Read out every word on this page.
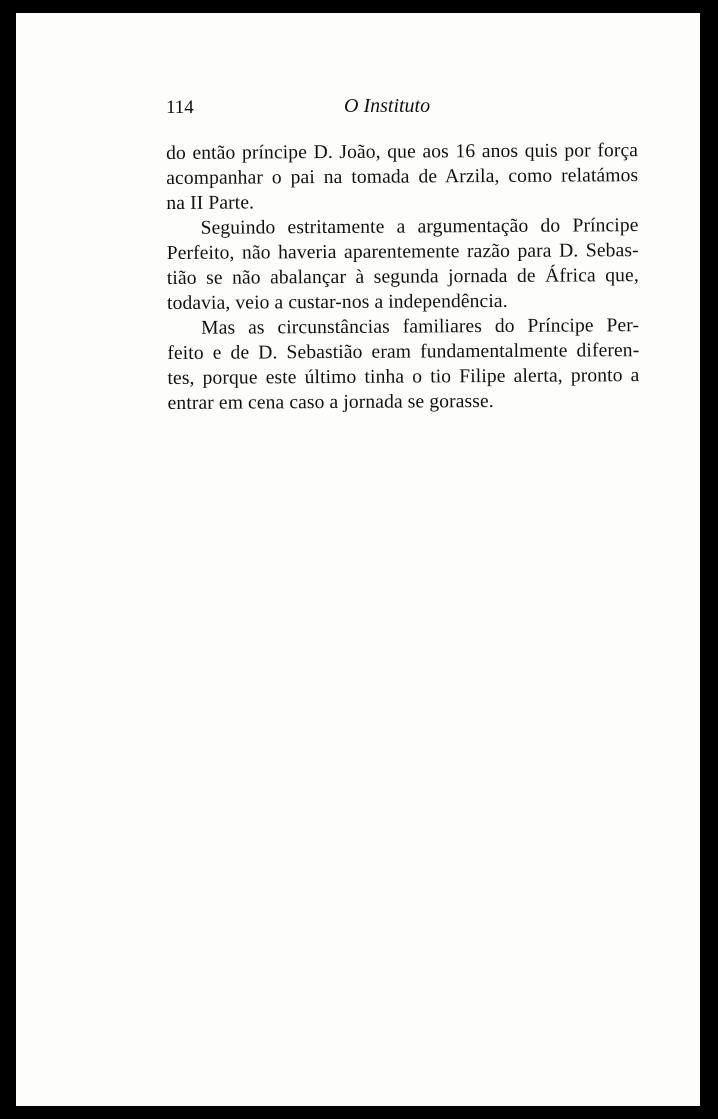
114	O Instituto

do então príncipe D. João, que aos 16 anos quis por força
acompanhar o pai na tomada de Arzila, como relatámos
na II Parte.

Seguindo estritamente a argumentação do Príncipe
Perfeito, não haveria aparentemente razão para D. Sebas-
tião se não abalançar à segunda jornada de África que,
todavia, veio a custar-nos a independência.

Mas as circunstâncias familiares do Príncipe Per-
feito e de D. Sebastião eram fundamentalmente diferen-
tes, porque este último tinha o tio Filipe alerta, pronto a
entrar em cena caso a jornada se gorasse.
